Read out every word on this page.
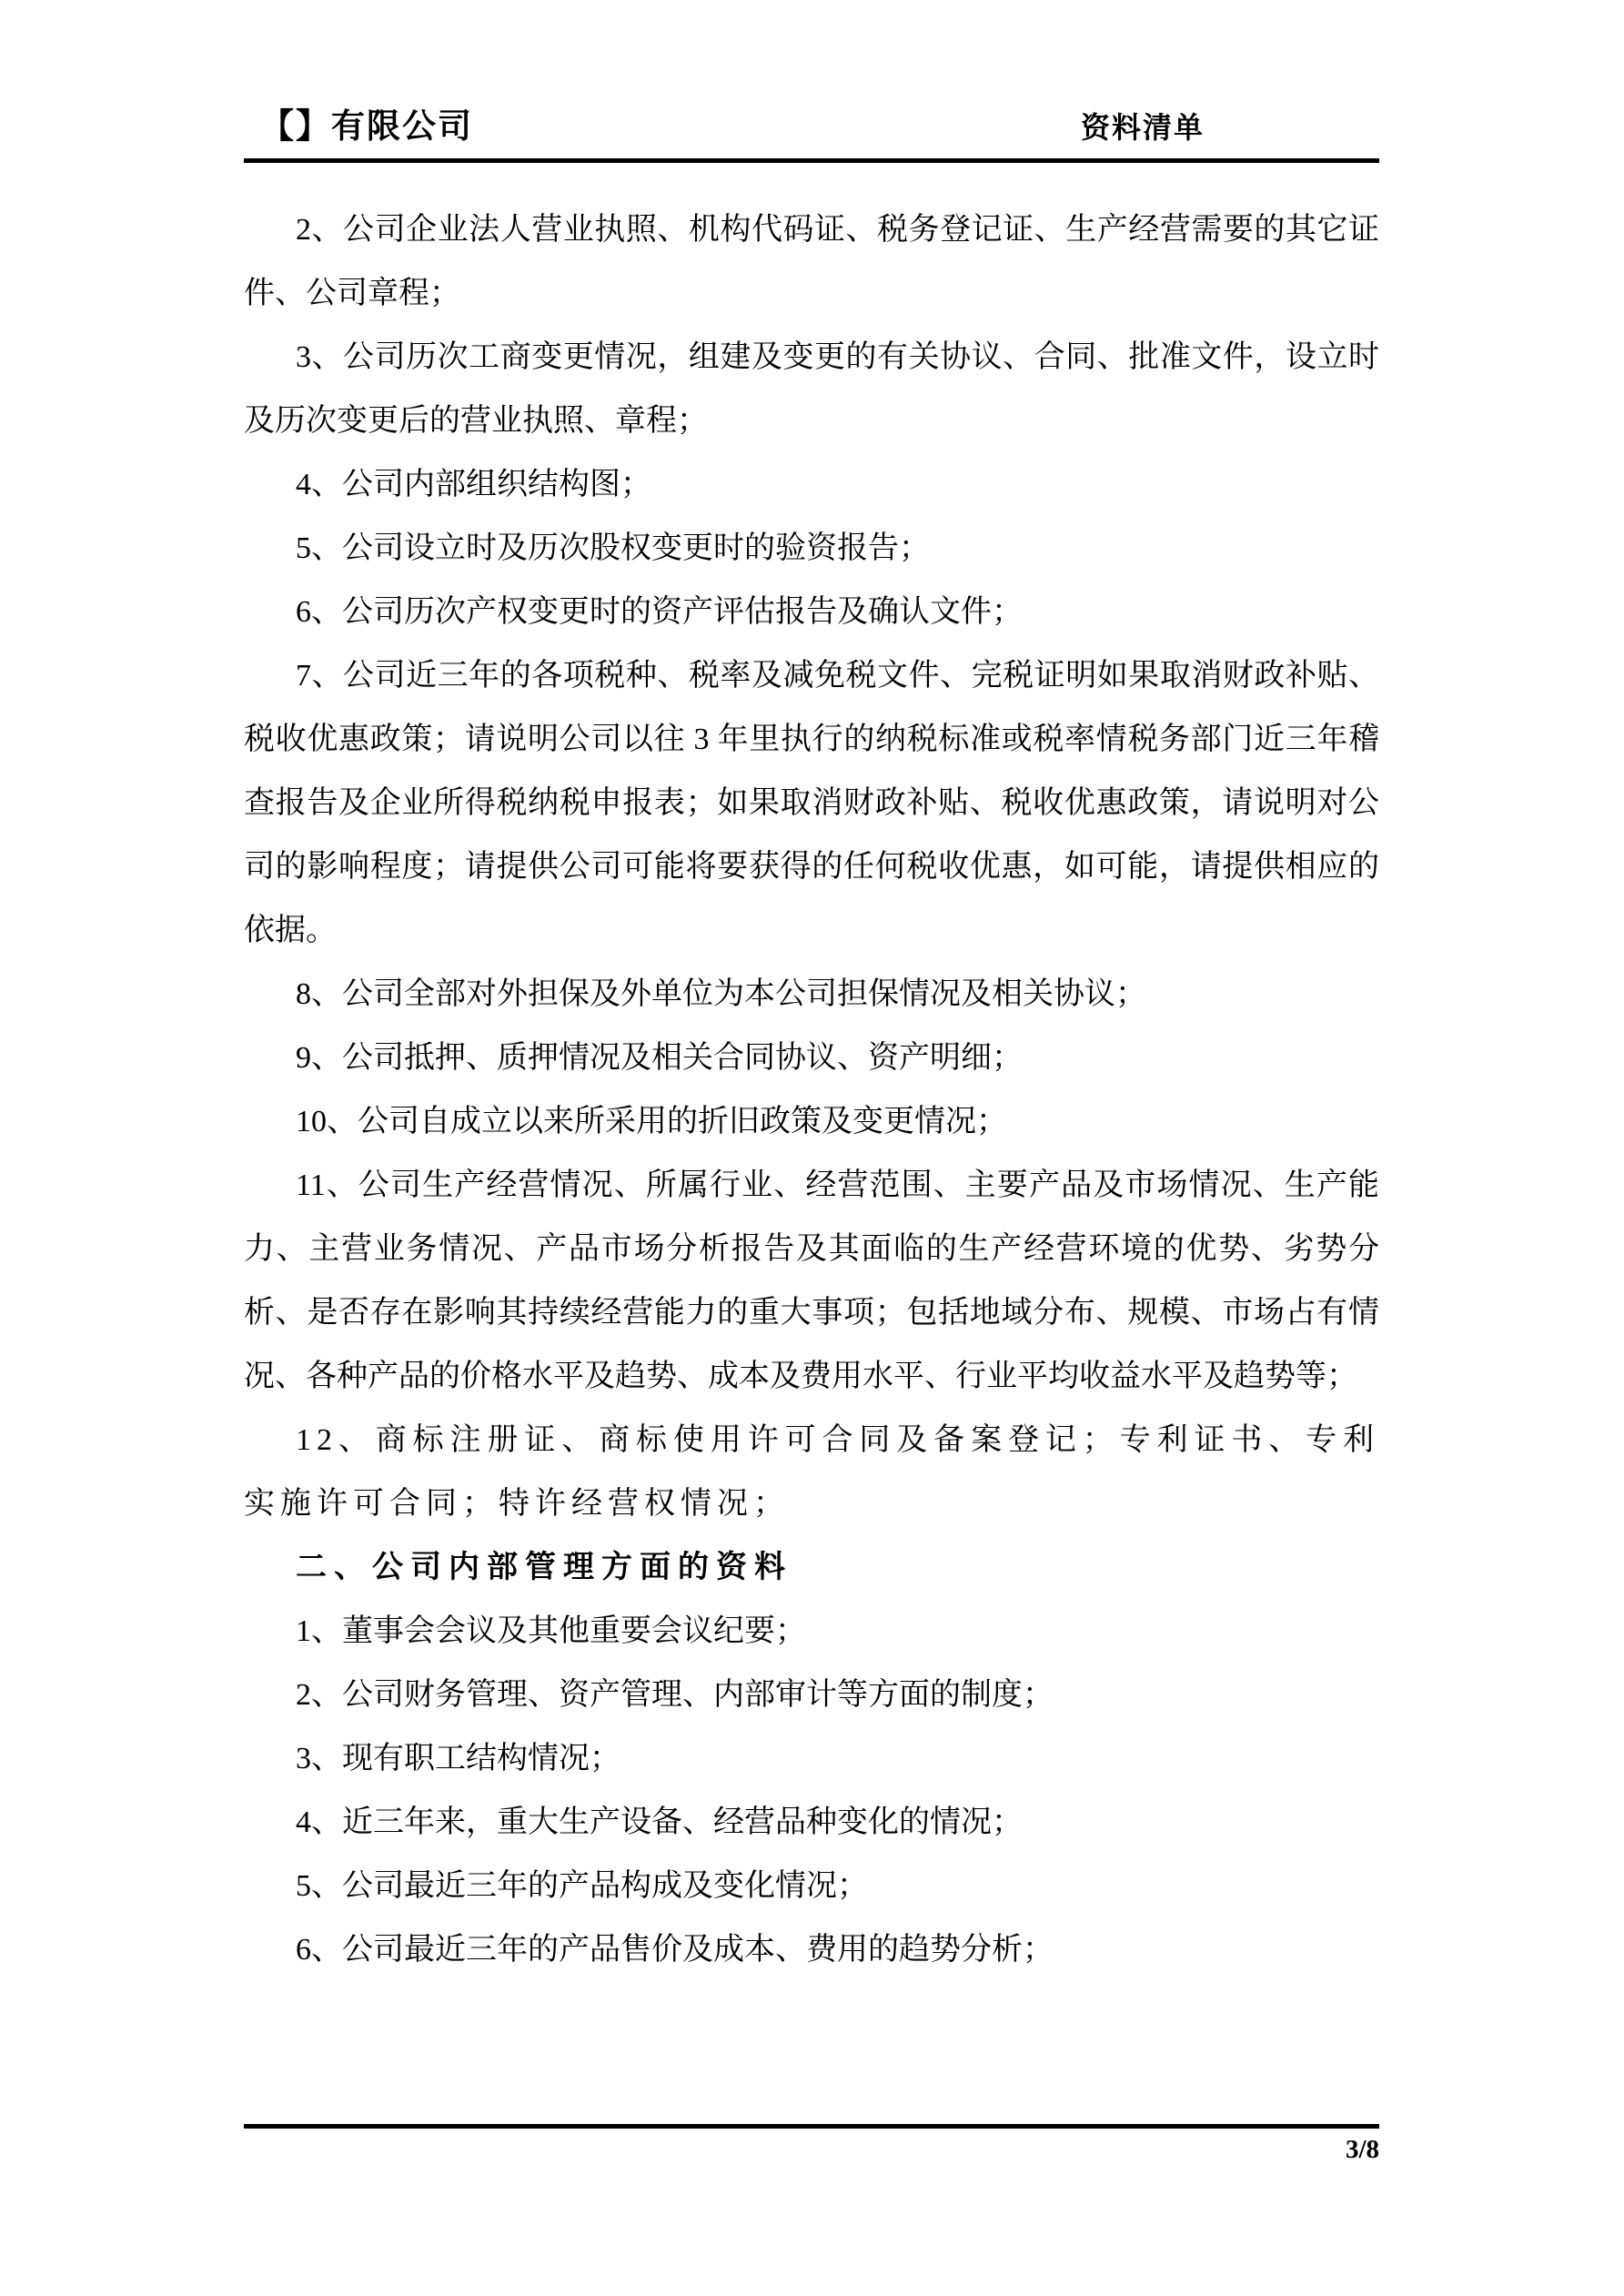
【】有限公司	资料清单

2、公司企业法人营业执照、机构代码证、税务登记证、生产经营需要的其它证件、公司章程；

3、公司历次工商变更情况，组建及变更的有关协议、合同、批准文件，设立时及历次变更后的营业执照、章程；

4、公司内部组织结构图；

5、公司设立时及历次股权变更时的验资报告；

6、公司历次产权变更时的资产评估报告及确认文件；

7、公司近三年的各项税种、税率及减免税文件、完税证明如果取消财政补贴、税收优惠政策；请说明公司以往 3 年里执行的纳税标准或税率情税务部门近三年稽查报告及企业所得税纳税申报表；如果取消财政补贴、税收优惠政策，请说明对公司的影响程度；请提供公司可能将要获得的任何税收优惠，如可能，请提供相应的依据。

8、公司全部对外担保及外单位为本公司担保情况及相关协议；

9、公司抵押、质押情况及相关合同协议、资产明细；

10、公司自成立以来所采用的折旧政策及变更情况；

11、公司生产经营情况、所属行业、经营范围、主要产品及市场情况、生产能力、主营业务情况、产品市场分析报告及其面临的生产经营环境的优势、劣势分析、是否存在影响其持续经营能力的重大事项；包括地域分布、规模、市场占有情况、各种产品的价格水平及趋势、成本及费用水平、行业平均收益水平及趋势等；

12、商标注册证、商标使用许可合同及备案登记；专利证书、专利实施许可合同；特许经营权情况；

二、公司内部管理方面的资料

1、董事会会议及其他重要会议纪要；

2、公司财务管理、资产管理、内部审计等方面的制度；

3、现有职工结构情况；

4、近三年来，重大生产设备、经营品种变化的情况；

5、公司最近三年的产品构成及变化情况；

6、公司最近三年的产品售价及成本、费用的趋势分析；

3/8
